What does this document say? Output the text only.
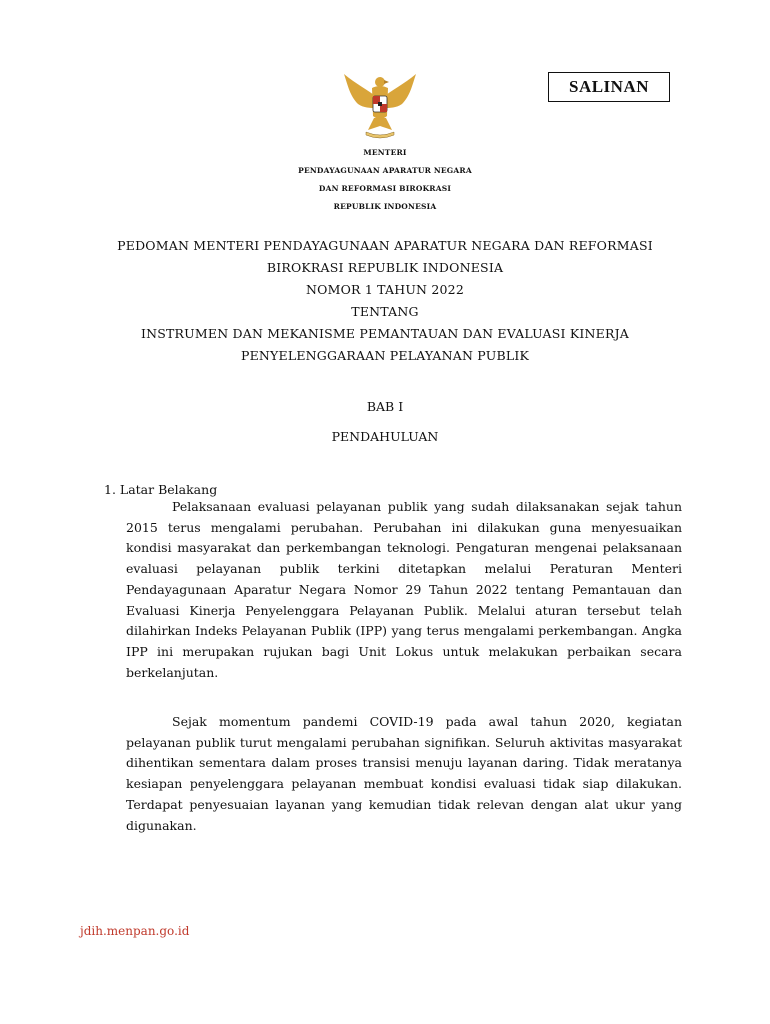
SALINAN
MENTERI
PENDAYAGUNAAN APARATUR NEGARA
DAN REFORMASI BIROKRASI
REPUBLIK INDONESIA
PEDOMAN MENTERI PENDAYAGUNAAN APARATUR NEGARA DAN REFORMASI
BIROKRASI REPUBLIK INDONESIA
NOMOR 1 TAHUN 2022
TENTANG
INSTRUMEN DAN MEKANISME PEMANTAUAN DAN EVALUASI KINERJA
PENYELENGGARAAN PELAYANAN PUBLIK
BAB I
PENDAHULUAN
1. Latar Belakang

Pelaksanaan evaluasi pelayanan publik yang sudah dilaksanakan sejak tahun 2015 terus mengalami perubahan. Perubahan ini dilakukan guna menyesuaikan kondisi masyarakat dan perkembangan teknologi. Pengaturan mengenai pelaksanaan evaluasi pelayanan publik terkini ditetapkan melalui Peraturan Menteri Pendayagunaan Aparatur Negara Nomor 29 Tahun 2022 tentang Pemantauan dan Evaluasi Kinerja Penyelenggara Pelayanan Publik. Melalui aturan tersebut telah dilahirkan Indeks Pelayanan Publik (IPP) yang terus mengalami perkembangan. Angka IPP ini merupakan rujukan bagi Unit Lokus untuk melakukan perbaikan secara berkelanjutan.

Sejak momentum pandemi COVID-19 pada awal tahun 2020, kegiatan pelayanan publik turut mengalami perubahan signifikan. Seluruh aktivitas masyarakat dihentikan sementara dalam proses transisi menuju layanan daring. Tidak meratanya kesiapan penyelenggara pelayanan membuat kondisi evaluasi tidak siap dilakukan. Terdapat penyesuaian layanan yang kemudian tidak relevan dengan alat ukur yang digunakan.

jdih.menpan.go.id
